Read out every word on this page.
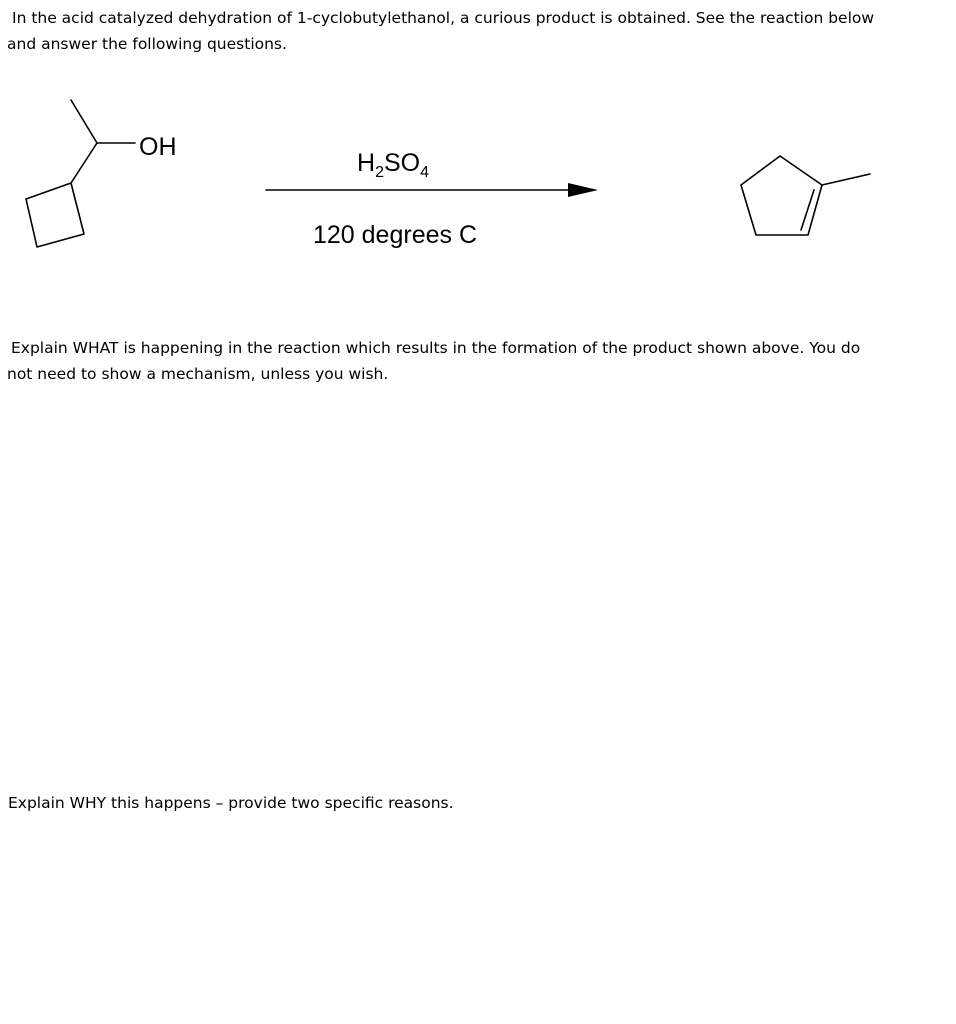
In the acid catalyzed dehydration of 1-cyclobutylethanol, a curious product is obtained. See the reaction below
and answer the following questions.

OH
$H_2SO_4$
120 degrees C

Explain WHAT is happening in the reaction which results in the formation of the product shown above. You do
not need to show a mechanism, unless you wish.

Explain WHY this happens – provide two specific reasons.
